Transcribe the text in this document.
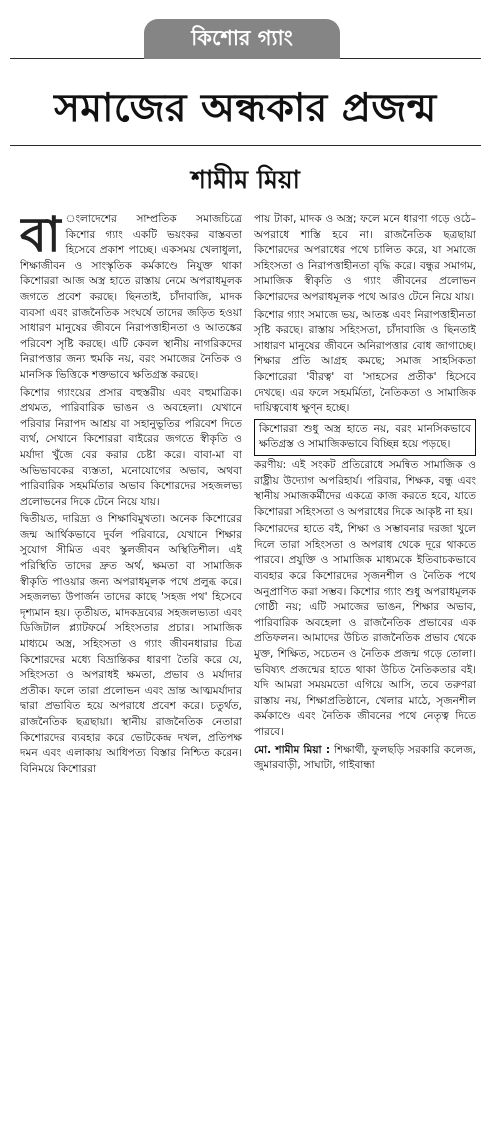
কিশোর গ্যাং
সমাজের অন্ধকার প্রজন্ম
শামীম মিয়া

বা ংলাদেশের সাম্প্রতিক সমাজচিত্রে কিশোর গ্যাং একটি ভয়ংকর বাস্তবতা হিসেবে প্রকাশ পাচ্ছে। একসময় খেলাধুলা, শিক্ষাজীবন ও সাংস্কৃতিক কর্মকাণ্ডে নিযুক্ত থাকা কিশোররা আজ অস্ত্র হাতে রাস্তায় নেমে অপরাধমূলক জগতে প্রবেশ করছে। ছিনতাই, চাঁদাবাজি, মাদক ব্যবসা এবং রাজনৈতিক সংঘর্ষে তাদের জড়িত হওয়া সাধারণ মানুষের জীবনে নিরাপত্তাহীনতা ও আতঙ্কের পরিবেশ সৃষ্টি করছে। এটি কেবল স্থানীয় নাগরিকদের নিরাপত্তার জন্য হুমকি নয়, বরং সমাজের নৈতিক ও মানসিক ভিত্তিকে শক্তভাবে ক্ষতিগ্রস্ত করছে।

কিশোর গ্যাংয়ের প্রসার বহুস্তরীয় এবং বহুমাত্রিক। প্রথমত, পারিবারিক ভাঙন ও অবহেলা। যেখানে পরিবার নিরাপদ আশ্রয় বা সহানুভূতির পরিবেশ দিতে ব্যর্থ, সেখানে কিশোররা বাইরের জগতে স্বীকৃতি ও মর্যাদা খুঁজে বের করার চেষ্টা করে। বাবা-মা বা অভিভাবকের ব্যস্ততা, মনোযোগের অভাব, অথবা পারিবারিক সহমর্মিতার অভাব কিশোরদের সহজলভ্য প্রলোভনের দিকে টেনে নিয়ে যায়।

দ্বিতীয়ত, দারিদ্র্য ও শিক্ষাবিমুখতা। অনেক কিশোরের জন্ম আর্থিকভাবে দুর্বল পরিবারে, যেখানে শিক্ষার সুযোগ সীমিত এবং স্কুলজীবন অস্থিতিশীল। এই পরিস্থিতি তাদের দ্রুত অর্থ, ক্ষমতা বা সামাজিক স্বীকৃতি পাওয়ার জন্য অপরাধমূলক পথে প্রলুব্ধ করে। সহজলভ্য উপার্জন তাদের কাছে 'সহজ পথ' হিসেবে দৃশ্যমান হয়। তৃতীয়ত, মাদকদ্রব্যের সহজলভ্যতা এবং ডিজিটাল প্ল্যাটফর্মে সহিংসতার প্রচার। সামাজিক মাধ্যমে অস্ত্র, সহিংসতা ও গ্যাং জীবনধারার চিত্র কিশোরদের মধ্যে বিভ্রান্তিকর ধারণা তৈরি করে যে, সহিংসতা ও অপরাধই ক্ষমতা, প্রভাব ও মর্যাদার প্রতীক। ফলে তারা প্রলোভন এবং ভ্রান্ত আত্মমর্যাদার দ্বারা প্রভাবিত হয়ে অপরাধে প্রবেশ করে। চতুর্থত, রাজনৈতিক ছত্রছায়া। স্থানীয় রাজনৈতিক নেতারা কিশোরদের ব্যবহার করে ভোটকেন্দ্র দখল, প্রতিপক্ষ দমন এবং এলাকায় আধিপত্য বিস্তার নিশ্চিত করেন। বিনিময়ে কিশোররা

পায় টাকা, মাদক ও অস্ত্র; ফলে মনে ধারণা গড়ে ওঠে– অপরাধে শাস্তি হবে না। রাজনৈতিক ছত্রছায়া কিশোরদের অপরাধের পথে চালিত করে, যা সমাজে সহিংসতা ও নিরাপত্তাহীনতা বৃদ্ধি করে। বন্ধুর সমাগম, সামাজিক স্বীকৃতি ও গ্যাং জীবনের প্রলোভন কিশোরদের অপরাধমূলক পথে আরও টেনে নিয়ে যায়।

কিশোর গ্যাং সমাজে ভয়, আতঙ্ক এবং নিরাপত্তাহীনতা সৃষ্টি করছে। রাস্তায় সহিংসতা, চাঁদাবাজি ও ছিনতাই সাধারণ মানুষের জীবনে অনিরাপত্তার বোধ জাগাচ্ছে। শিক্ষার প্রতি আগ্রহ কমছে; সমাজ সাহসিকতা কিশোরেরা 'বীরত্ব' বা 'সাহসের প্রতীক' হিসেবে দেখছে। এর ফলে সহমর্মিতা, নৈতিকতা ও সামাজিক দায়িত্ববোধ ক্ষুণ্ন হচ্ছে।

কিশোররা শুধু অস্ত্র হাতে নয়, বরং মানসিকভাবে ক্ষতিগ্রস্ত ও সামাজিকভাবে বিচ্ছিন্ন হয়ে পড়ছে।

করণীয়: এই সংকট প্রতিরোধে সমন্বিত সামাজিক ও রাষ্ট্রীয় উদ্যোগ অপরিহার্য। পরিবার, শিক্ষক, বন্ধু এবং স্থানীয় সমাজকর্মীদের একত্রে কাজ করতে হবে, যাতে কিশোররা সহিংসতা ও অপরাধের দিকে আকৃষ্ট না হয়।

কিশোরদের হাতে বই, শিক্ষা ও সম্ভাবনার দরজা খুলে দিলে তারা সহিংসতা ও অপরাধ থেকে দূরে থাকতে পারবে। প্রযুক্তি ও সামাজিক মাধ্যমকে ইতিবাচকভাবে ব্যবহার করে কিশোরদের সৃজনশীল ও নৈতিক পথে অনুপ্রাণিত করা সম্ভব। কিশোর গ্যাং শুধু অপরাধমূলক গোষ্ঠী নয়; এটি সমাজের ভাঙন, শিক্ষার অভাব, পারিবারিক অবহেলা ও রাজনৈতিক প্রভাবের এক প্রতিফলন। আমাদের উচিত রাজনৈতিক প্রভাব থেকে মুক্ত, শিক্ষিত, সচেতন ও নৈতিক প্রজন্ম গড়ে তোলা। ভবিষ্যৎ প্রজন্মের হাতে থাকা উচিত নৈতিকতার বই। যদি আমরা সময়মতো এগিয়ে আসি, তবে তরুণরা রাস্তায় নয়, শিক্ষাপ্রতিষ্ঠানে, খেলার মাঠে, সৃজনশীল কর্মকাণ্ডে এবং নৈতিক জীবনের পথে নেতৃত্ব দিতে পারবে।

মো. শামীম মিয়া : শিক্ষার্থী, ফুলছড়ি সরকারি কলেজ, জুমারবাড়ী, সাঘাটা, গাইবান্ধা
